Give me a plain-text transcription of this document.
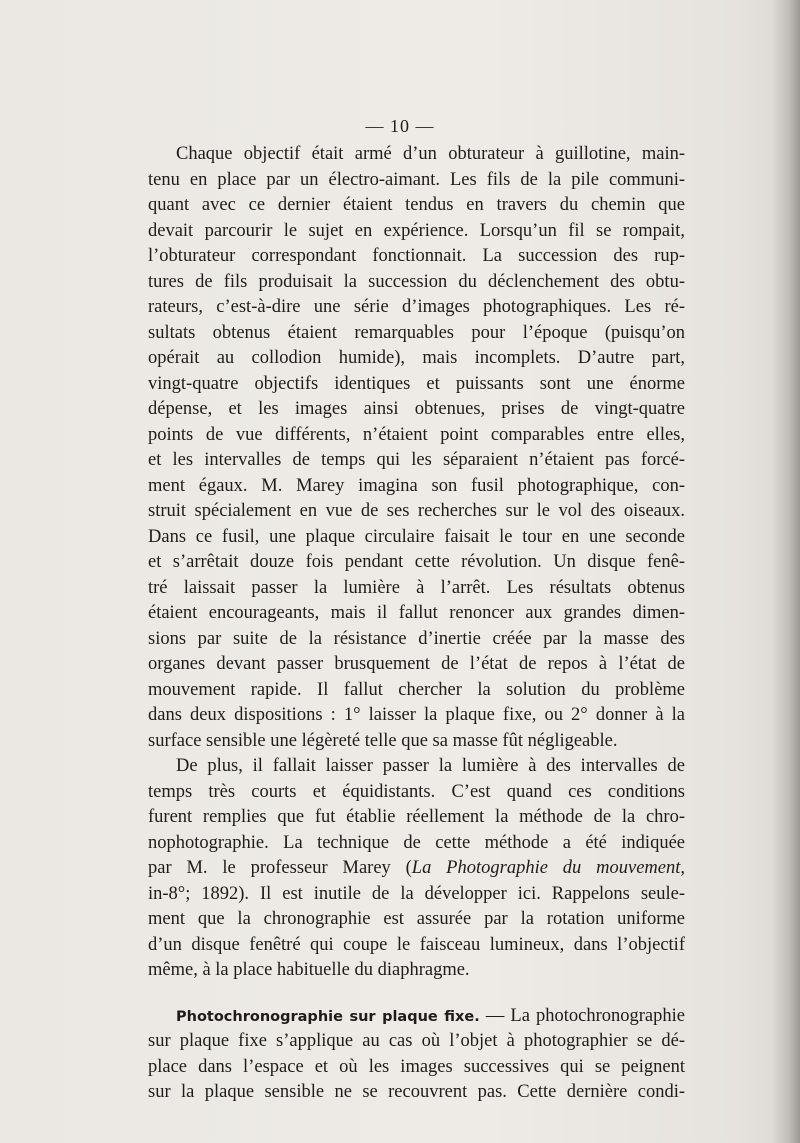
— 10 —
Chaque objectif était armé d’un obturateur à guillotine, main-
tenu en place par un électro-aimant. Les fils de la pile communi-
quant avec ce dernier étaient tendus en travers du chemin que
devait parcourir le sujet en expérience. Lorsqu’un fil se rompait,
l’obturateur correspondant fonctionnait. La succession des rup-
tures de fils produisait la succession du déclenchement des obtu-
rateurs, c’est-à-dire une série d’images photographiques. Les ré-
sultats obtenus étaient remarquables pour l’époque (puisqu’on
opérait au collodion humide), mais incomplets. D’autre part,
vingt-quatre objectifs identiques et puissants sont une énorme
dépense, et les images ainsi obtenues, prises de vingt-quatre
points de vue différents, n’étaient point comparables entre elles,
et les intervalles de temps qui les séparaient n’étaient pas forcé-
ment égaux. M. Marey imagina son fusil photographique, con-
struit spécialement en vue de ses recherches sur le vol des oiseaux.
Dans ce fusil, une plaque circulaire faisait le tour en une seconde
et s’arrêtait douze fois pendant cette révolution. Un disque fenê-
tré laissait passer la lumière à l’arrêt. Les résultats obtenus
étaient encourageants, mais il fallut renoncer aux grandes dimen-
sions par suite de la résistance d’inertie créée par la masse des
organes devant passer brusquement de l’état de repos à l’état de
mouvement rapide. Il fallut chercher la solution du problème
dans deux dispositions : 1° laisser la plaque fixe, ou 2° donner à la
surface sensible une légèreté telle que sa masse fût négligeable.
De plus, il fallait laisser passer la lumière à des intervalles de
temps très courts et équidistants. C’est quand ces conditions
furent remplies que fut établie réellement la méthode de la chro-
nophotographie. La technique de cette méthode a été indiquée
par M. le professeur Marey (La Photographie du mouvement,
in-8°; 1892). Il est inutile de la développer ici. Rappelons seule-
ment que la chronographie est assurée par la rotation uniforme
d’un disque fenêtré qui coupe le faisceau lumineux, dans l’objectif
même, à la place habituelle du diaphragme.
Photochronographie sur plaque fixe. — La photochronographie
sur plaque fixe s’applique au cas où l’objet à photographier se dé-
place dans l’espace et où les images successives qui se peignent
sur la plaque sensible ne se recouvrent pas. Cette dernière condi-
